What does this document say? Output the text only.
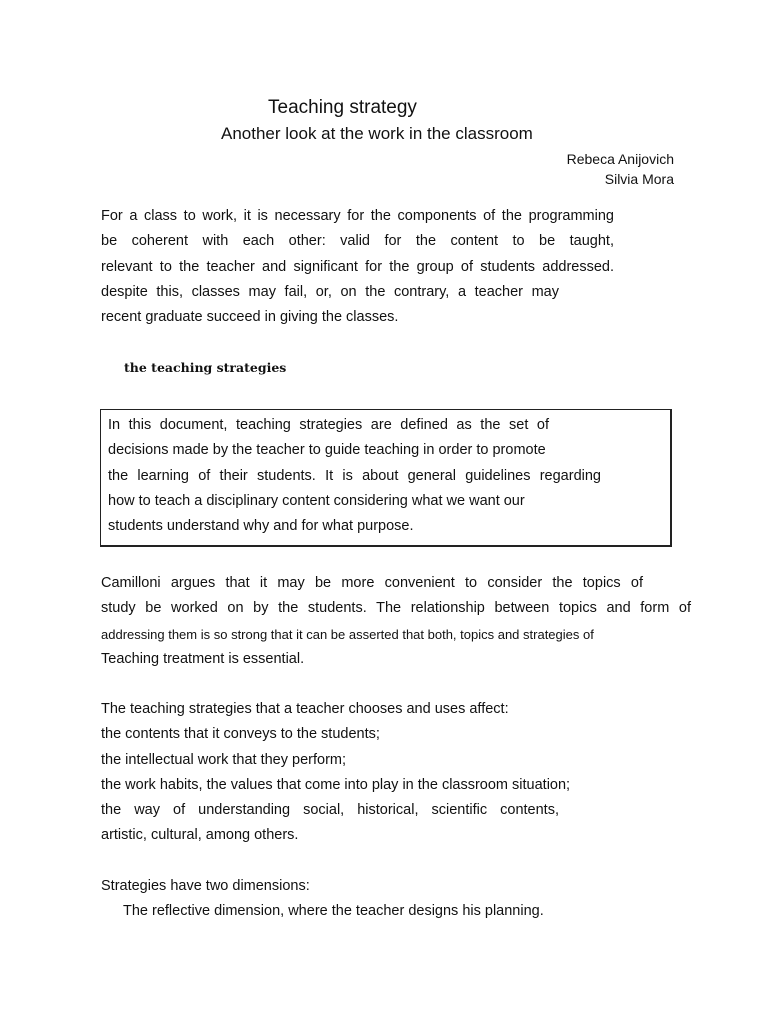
Teaching strategy
Another look at the work in the classroom
Rebeca Anijovich
Silvia Mora
For a class to work, it is necessary for the components of the programming
be coherent with each other: valid for the content to be taught,
relevant to the teacher and significant for the group of students addressed.
despite this, classes may fail, or, on the contrary, a teacher may
recent graduate succeed in giving the classes.
the teaching strategies
In this document, teaching strategies are defined as the set of
decisions made by the teacher to guide teaching in order to promote
the learning of their students. It is about general guidelines regarding
how to teach a disciplinary content considering what we want our
students understand why and for what purpose.
Camilloni argues that it may be more convenient to consider the topics of
study be worked on by the students. The relationship between topics and form of
addressing them is so strong that it can be asserted that both, topics and strategies of
Teaching treatment is essential.
The teaching strategies that a teacher chooses and uses affect:
the contents that it conveys to the students;
the intellectual work that they perform;
the work habits, the values that come into play in the classroom situation;
the way of understanding social, historical, scientific contents,
artistic, cultural, among others.
Strategies have two dimensions:
The reflective dimension, where the teacher designs his planning.
